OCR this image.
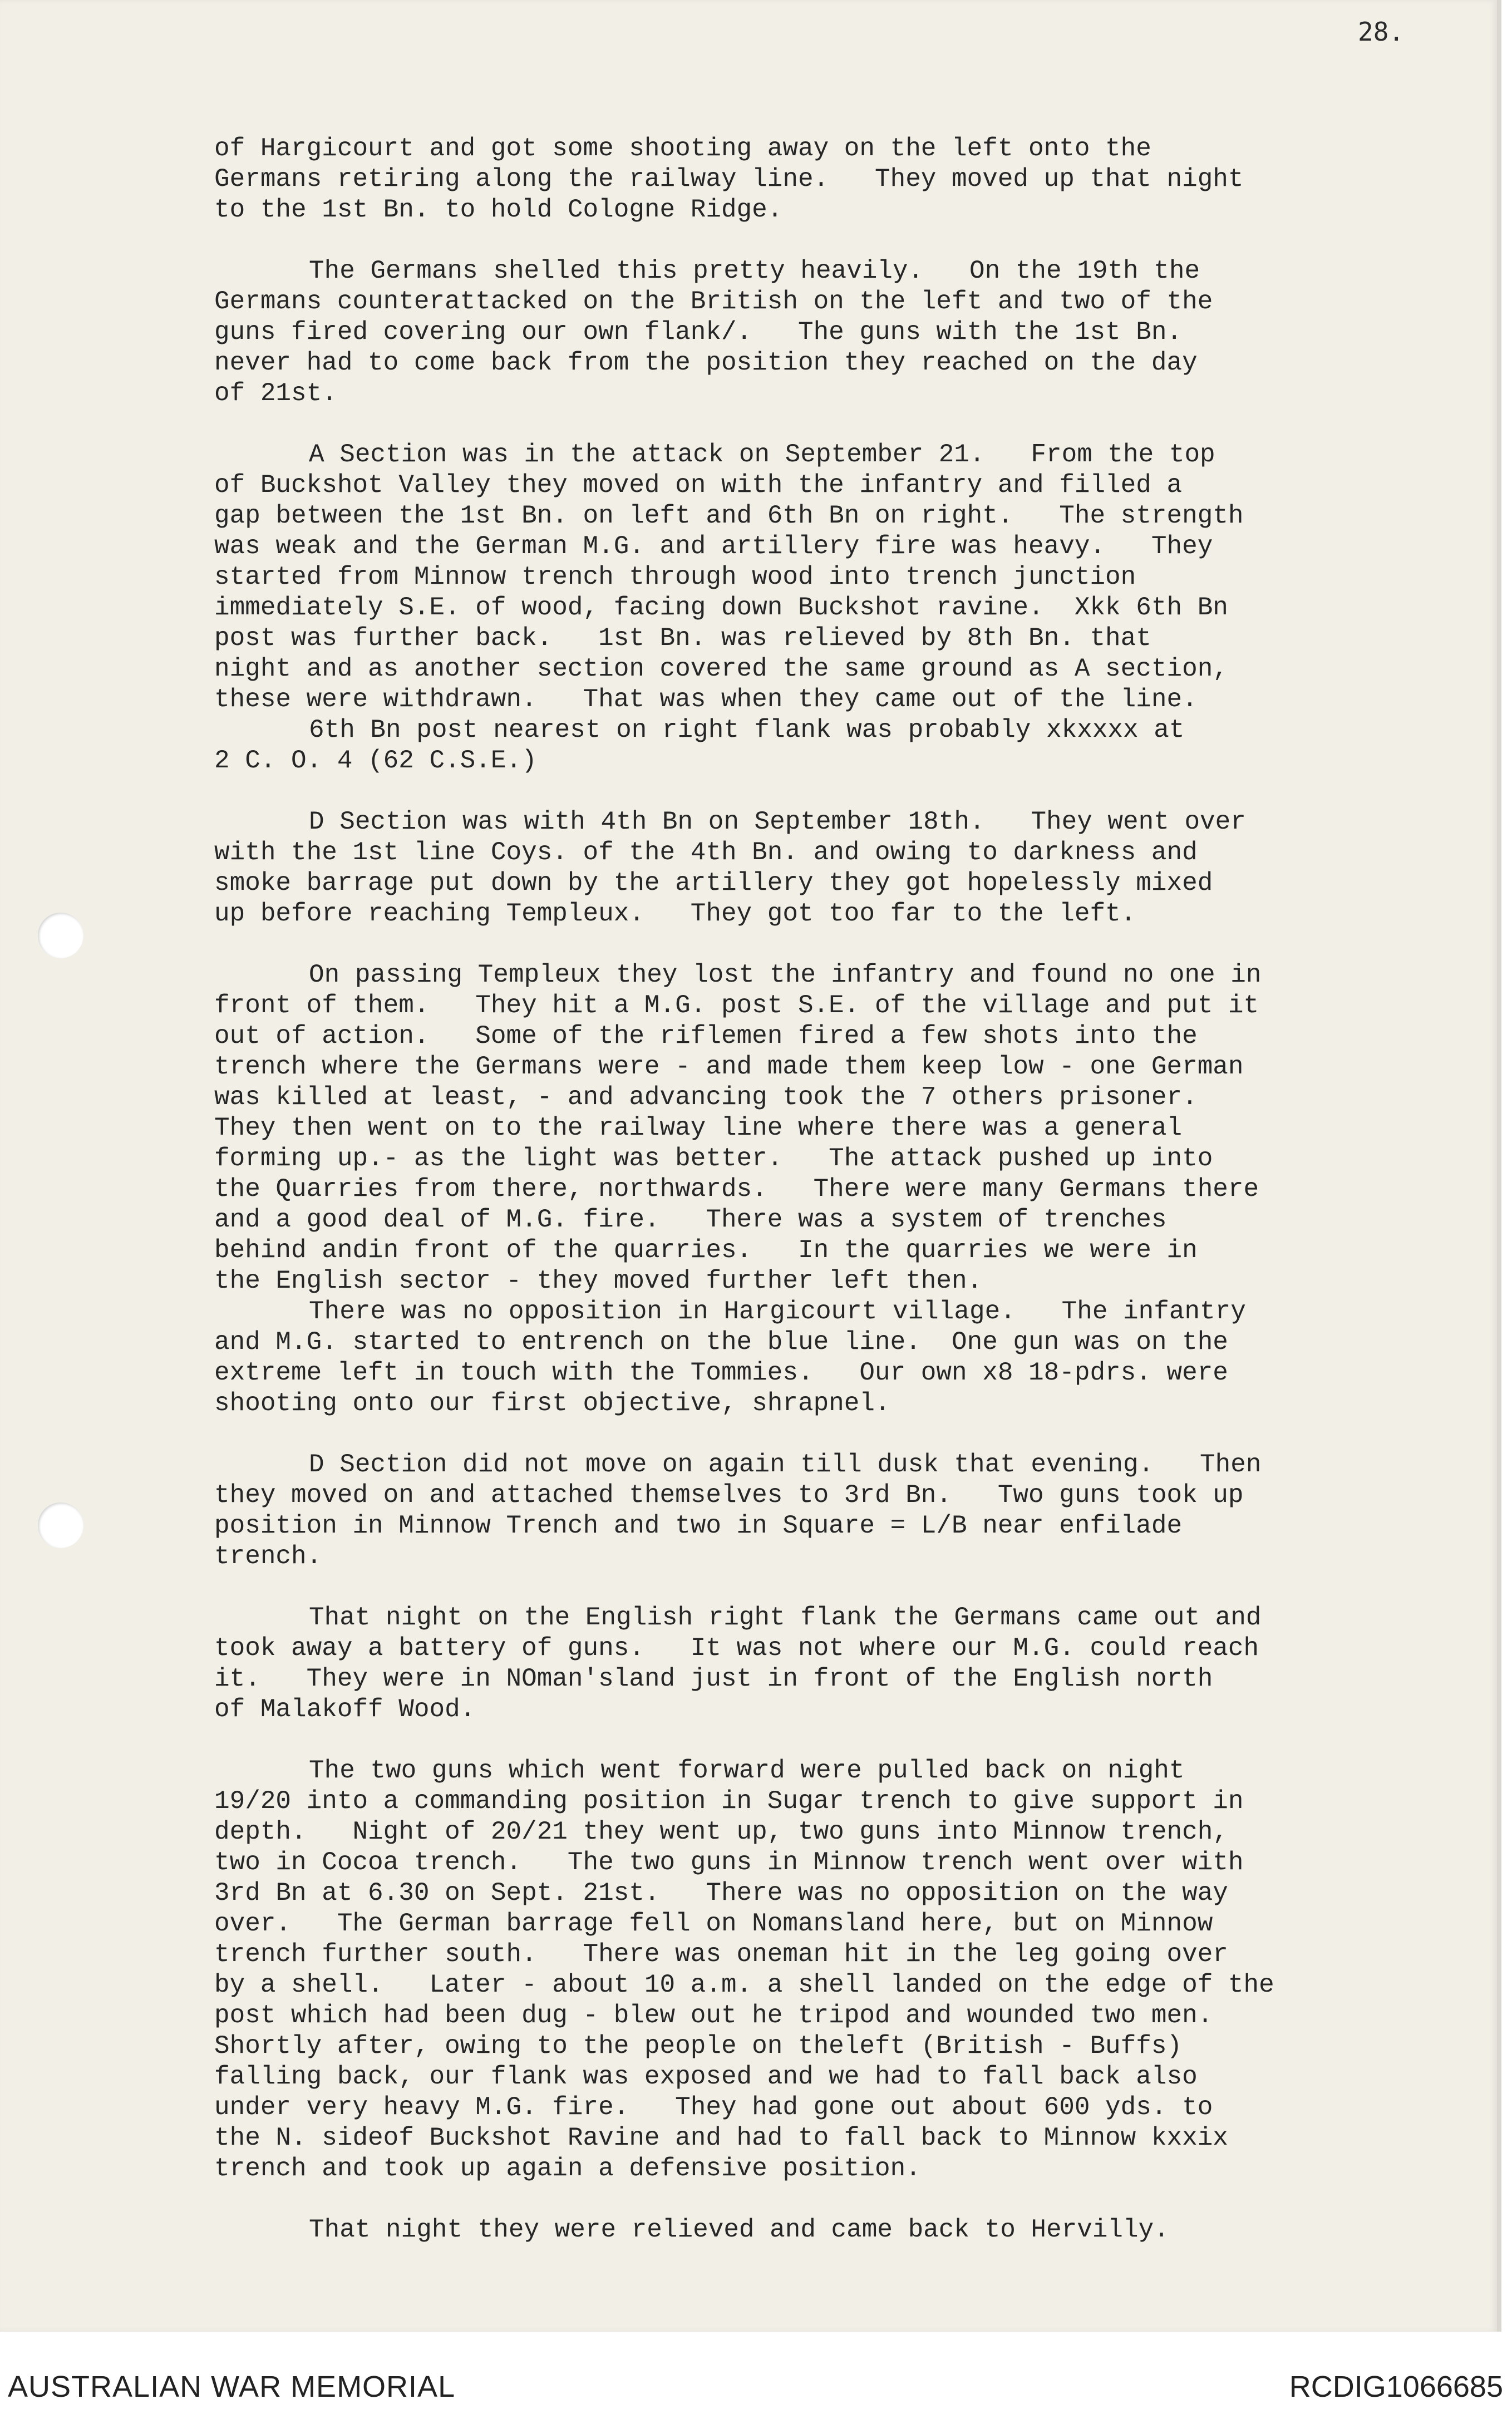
28.

of Hargicourt and got some shooting away on the left onto the
Germans retiring along the railway line.   They moved up that night
to the 1st Bn. to hold Cologne Ridge.

The Germans shelled this pretty heavily.   On the 19th the
Germans counterattacked on the British on the left and two of the
guns fired covering our own flank/.   The guns with the 1st Bn.
never had to come back from the position they reached on the day
of 21st.

A Section was in the attack on September 21.   From the top
of Buckshot Valley they moved on with the infantry and filled a
gap between the 1st Bn. on left and 6th Bn on right.   The strength
was weak and the German M.G. and artillery fire was heavy.   They
started from Minnow trench through wood into trench junction
immediately S.E. of wood, facing down Buckshot ravine.  Xkk 6th Bn
post was further back.   1st Bn. was relieved by 8th Bn. that
night and as another section covered the same ground as A section,
these were withdrawn.   That was when they came out of the line.

6th Bn post nearest on right flank was probably xkxxxx at
2 C. O. 4 (62 C.S.E.)

D Section was with 4th Bn on September 18th.   They went over
with the 1st line Coys. of the 4th Bn. and owing to darkness and
smoke barrage put down by the artillery they got hopelessly mixed
up before reaching Templeux.   They got too far to the left.

On passing Templeux they lost the infantry and found no one in
front of them.   They hit a M.G. post S.E. of the village and put it
out of action.   Some of the riflemen fired a few shots into the
trench where the Germans were - and made them keep low - one German
was killed at least, - and advancing took the 7 others prisoner.
They then went on to the railway line where there was a general
forming up.- as the light was better.   The attack pushed up into
the Quarries from there, northwards.   There were many Germans there
and a good deal of M.G. fire.   There was a system of trenches
behind andin front of the quarries.   In the quarries we were in
the English sector - they moved further left then.

There was no opposition in Hargicourt village.   The infantry
and M.G. started to entrench on the blue line.  One gun was on the
extreme left in touch with the Tommies.   Our own x8 18-pdrs. were
shooting onto our first objective, shrapnel.

D Section did not move on again till dusk that evening.   Then
they moved on and attached themselves to 3rd Bn.   Two guns took up
position in Minnow Trench and two in Square = L/B near enfilade
trench.

That night on the English right flank the Germans came out and
took away a battery of guns.   It was not where our M.G. could reach
it.   They were in NOman'sland just in front of the English north
of Malakoff Wood.

The two guns which went forward were pulled back on night
19/20 into a commanding position in Sugar trench to give support in
depth.   Night of 20/21 they went up, two guns into Minnow trench,
two in Cocoa trench.   The two guns in Minnow trench went over with
3rd Bn at 6.30 on Sept. 21st.   There was no opposition on the way
over.   The German barrage fell on Nomansland here, but on Minnow
trench further south.   There was oneman hit in the leg going over
by a shell.   Later - about 10 a.m. a shell landed on the edge of the
post which had been dug - blew out he tripod and wounded two men.
Shortly after, owing to the people on theleft (British - Buffs)
falling back, our flank was exposed and we had to fall back also
under very heavy M.G. fire.   They had gone out about 600 yds. to
the N. sideof Buckshot Ravine and had to fall back to Minnow kxxix
trench and took up again a defensive position.

That night they were relieved and came back to Hervilly.

AUSTRALIAN WAR MEMORIAL	RCDIG1066685
